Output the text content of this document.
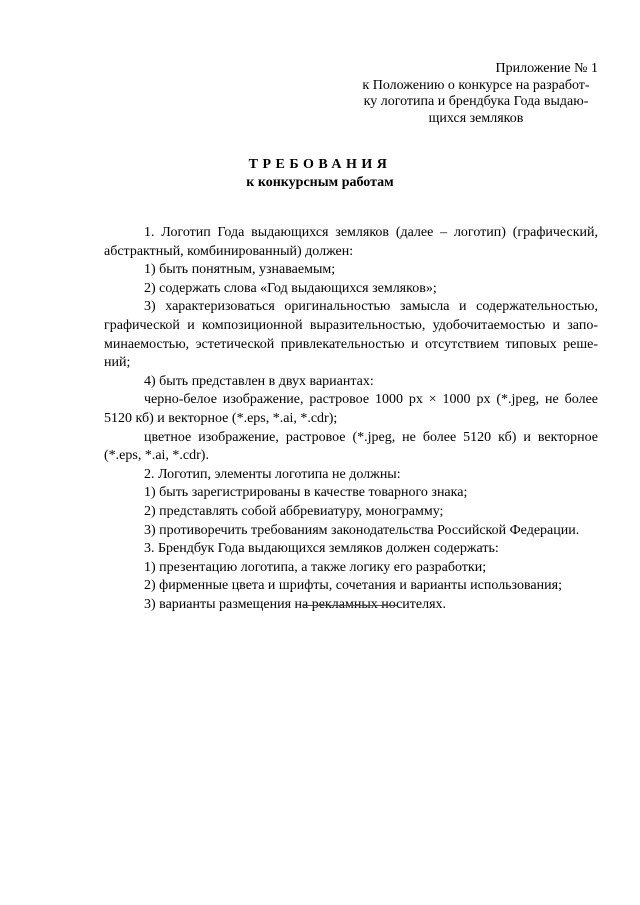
Приложение № 1
к Положению о конкурсе на разработ-
ку логотипа и брендбука Года выдаю-
щихся земляков
ТРЕБОВАНИЯ
к конкурсным работам
1. Логотип Года выдающихся земляков (далее – логотип) (графический,
абстрактный, комбинированный) должен:
1) быть понятным, узнаваемым;
2) содержать слова «Год выдающихся земляков»;
3) характеризоваться оригинальностью замысла и содержательностью,
графической и композиционной выразительностью, удобочитаемостью и запо-
минаемостью, эстетической привлекательностью и отсутствием типовых реше-
ний;
4) быть представлен в двух вариантах:
черно-белое изображение, растровое 1000 px × 1000 px (*.jpeg, не более
5120 кб) и векторное (*.eps, *.ai, *.cdr);
цветное изображение, растровое (*.jpeg, не более 5120 кб) и векторное
(*.eps, *.ai, *.cdr).
2. Логотип, элементы логотипа не должны:
1) быть зарегистрированы в качестве товарного знака;
2) представлять собой аббревиатуру, монограмму;
3) противоречить требованиям законодательства Российской Федерации.
3. Брендбук Года выдающихся земляков должен содержать:
1) презентацию логотипа, а также логику его разработки;
2) фирменные цвета и шрифты, сочетания и варианты использования;
3) варианты размещения на рекламных носителях.
